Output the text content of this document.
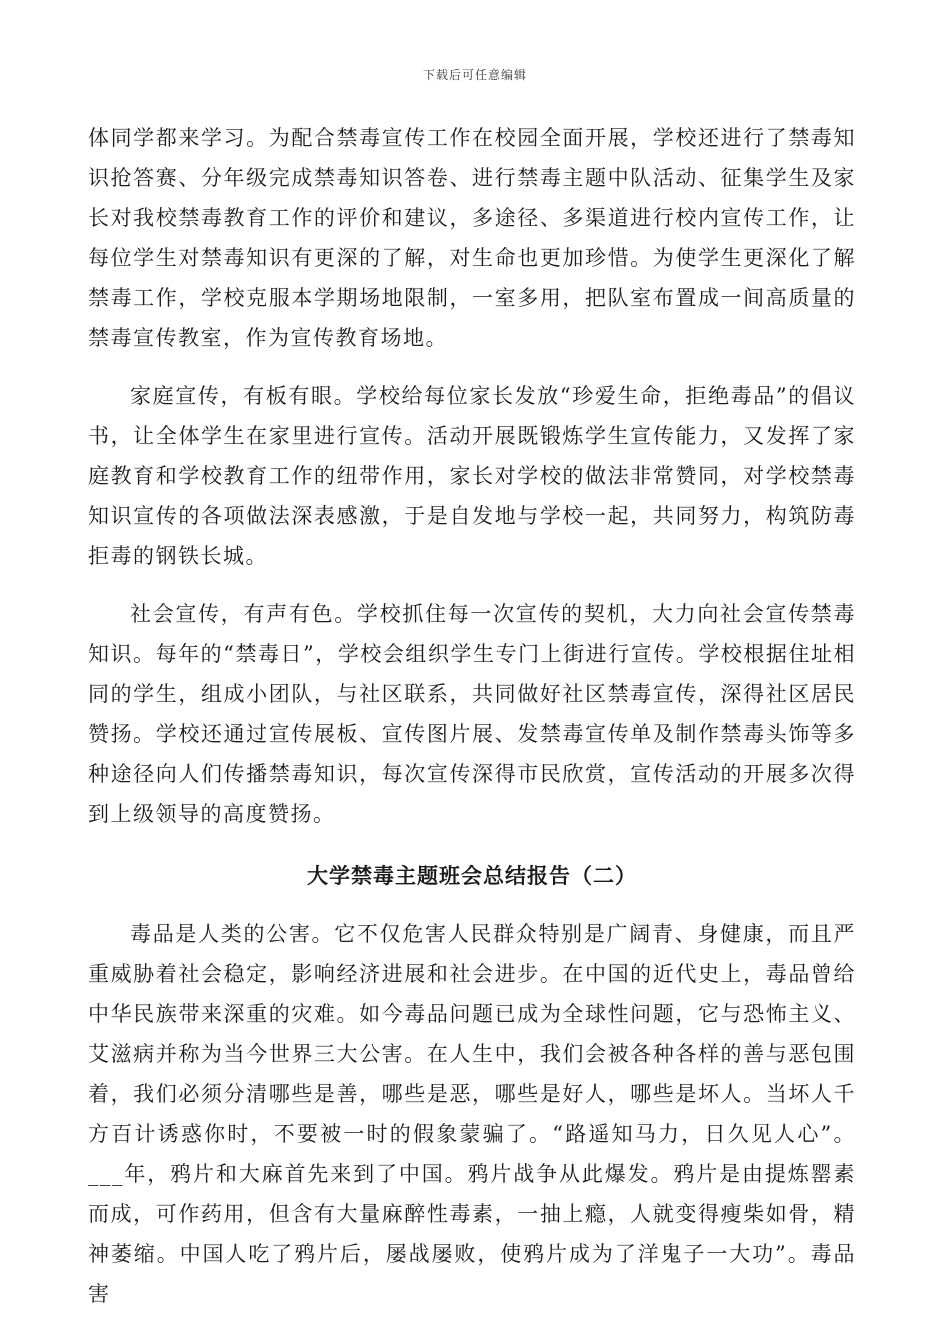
下载后可任意编辑

体同学都来学习。为配合禁毒宣传工作在校园全面开展，学校还进行了禁毒知识抢答赛、分年级完成禁毒知识答卷、进行禁毒主题中队活动、征集学生及家长对我校禁毒教育工作的评价和建议，多途径、多渠道进行校内宣传工作，让每位学生对禁毒知识有更深的了解，对生命也更加珍惜。为使学生更深化了解禁毒工作，学校克服本学期场地限制，一室多用，把队室布置成一间高质量的禁毒宣传教室，作为宣传教育场地。

家庭宣传，有板有眼。学校给每位家长发放“珍爱生命，拒绝毒品”的倡议书，让全体学生在家里进行宣传。活动开展既锻炼学生宣传能力，又发挥了家庭教育和学校教育工作的纽带作用，家长对学校的做法非常赞同，对学校禁毒知识宣传的各项做法深表感激，于是自发地与学校一起，共同努力，构筑防毒拒毒的钢铁长城。

社会宣传，有声有色。学校抓住每一次宣传的契机，大力向社会宣传禁毒知识。每年的“禁毒日”，学校会组织学生专门上街进行宣传。学校根据住址相同的学生，组成小团队，与社区联系，共同做好社区禁毒宣传，深得社区居民赞扬。学校还通过宣传展板、宣传图片展、发禁毒宣传单及制作禁毒头饰等多种途径向人们传播禁毒知识，每次宣传深得市民欣赏，宣传活动的开展多次得到上级领导的高度赞扬。

大学禁毒主题班会总结报告（二）

毒品是人类的公害。它不仅危害人民群众特别是广阔青、身健康，而且严重威胁着社会稳定，影响经济进展和社会进步。在中国的近代史上，毒品曾给中华民族带来深重的灾难。如今毒品问题已成为全球性问题，它与恐怖主义、艾滋病并称为当今世界三大公害。在人生中，我们会被各种各样的善与恶包围着，我们必须分清哪些是善，哪些是恶，哪些是好人，哪些是坏人。当坏人千方百计诱惑你时，不要被一时的假象蒙骗了。“路遥知马力，日久见人心”。___年，鸦片和大麻首先来到了中国。鸦片战争从此爆发。鸦片是由提炼罂素而成，可作药用，但含有大量麻醉性毒素，一抽上瘾，人就变得瘦柴如骨，精神萎缩。中国人吃了鸦片后，屡战屡败，使鸦片成为了洋鬼子一大功”。毒品害
